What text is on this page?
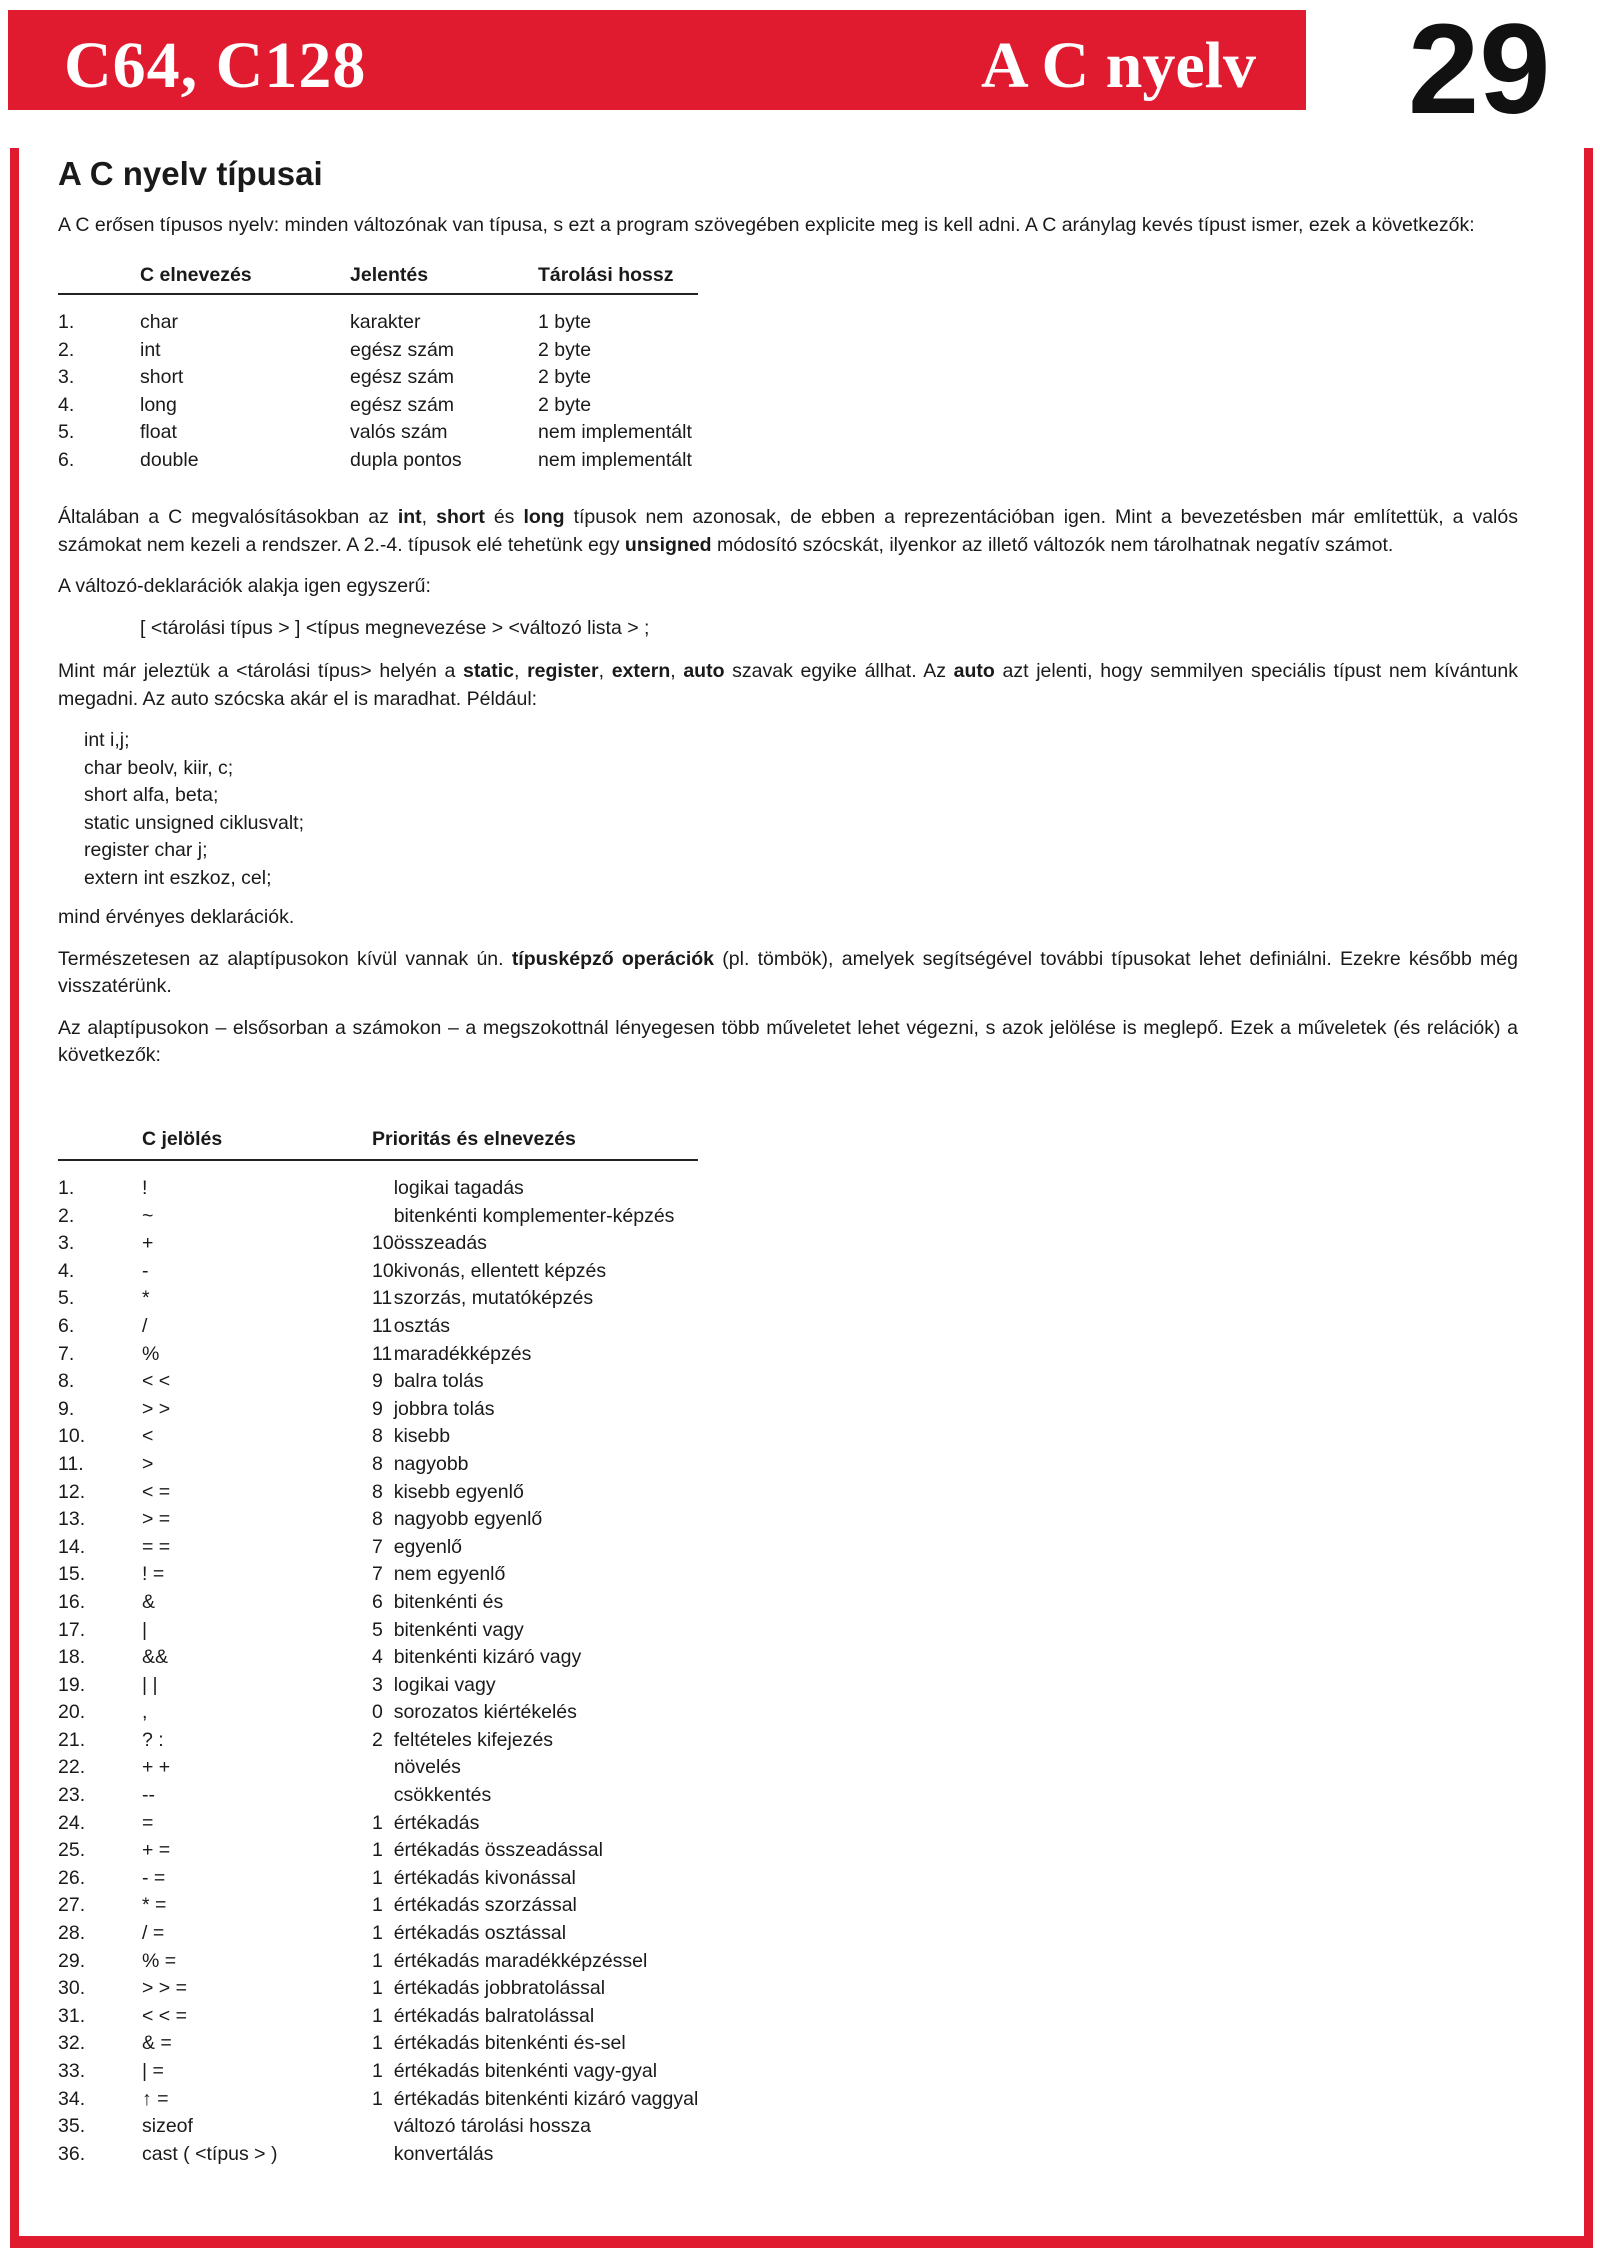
C64, C128	A C nyelv 29
A C nyelv típusai

A C erősen típusos nyelv: minden változónak van típusa, s ezt a program szövegében explicite meg is kell adni. A C aránylag kevés típust ismer, ezek a következők:

	C elnevezés	Jelentés	Tárolási hossz

1.	char	karakter	1 byte
2.	int	egész szám	2 byte
3.	short	egész szám	2 byte
4.	long	egész szám	2 byte
5.	float	valós szám	nem implementált
6.	double	dupla pontos	nem implementált

Általában a C megvalósításokban az int, short és long típusok nem azonosak, de ebben a reprezentációban igen. Mint a bevezetésben már említettük, a valós számokat nem kezeli a rendszer. A 2.-4. típusok elé tehetünk egy unsigned módosító szócskát, ilyenkor az illető változók nem tárolhatnak negatív számot.

A változó-deklarációk alakja igen egyszerű:

[ <tárolási típus > ] <típus megnevezése > <változó lista > ;

Mint már jeleztük a <tárolási típus> helyén a static, register, extern, auto szavak egyike állhat. Az auto azt jelenti, hogy semmilyen speciális típust nem kívántunk megadni. Az auto szócska akár el is maradhat. Például:

int i,j;
char beolv, kiir, c;
short alfa, beta;
static unsigned ciklusvalt;
register char j;
extern int eszkoz, cel;

mind érvényes deklarációk.

Természetesen az alaptípusokon kívül vannak ún. típusképző operációk (pl. tömbök), amelyek segítségével további típusokat lehet definiálni. Ezekre később még visszatérünk.

Az alaptípusokon – elsősorban a számokon – a megszokottnál lényegesen több műveletet lehet végezni, s azok jelölése is meglepő. Ezek a műveletek (és relációk) a következők:

	C jelölés	Prioritás és elnevezés	

1.	!		logikai tagadás
2.	~		bitenkénti komplementer-képzés
3.	+	10	összeadás
4.	-	10	kivonás, ellentett képzés
5.	*	11	szorzás, mutatóképzés
6.	/	11	osztás
7.	%	11	maradékképzés
8.	< <	9	balra tolás
9.	> >	9	jobbra tolás
10.	<	8	kisebb
11.	>	8	nagyobb
12.	< =	8	kisebb egyenlő
13.	> =	8	nagyobb egyenlő
14.	= =	7	egyenlő
15.	! =	7	nem egyenlő
16.	&	6	bitenkénti és
17.	|	5	bitenkénti vagy
18.	&&	4	bitenkénti kizáró vagy
19.	| |	3	logikai vagy
20.	,	0	sorozatos kiértékelés
21.	? :	2	feltételes kifejezés
22.	+ +		növelés
23.	--		csökkentés
24.	=	1	értékadás
25.	+ =	1	értékadás összeadással
26.	- =	1	értékadás kivonással
27.	* =	1	értékadás szorzással
28.	/ =	1	értékadás osztással
29.	% =	1	értékadás maradékképzéssel
30.	> > =	1	értékadás jobbratolással
31.	< < =	1	értékadás balratolással
32.	& =	1	értékadás bitenkénti és-sel
33.	| =	1	értékadás bitenkénti vagy-gyal
34.	↑ =	1	értékadás bitenkénti kizáró vaggyal
35.	sizeof		változó tárolási hossza
36.	cast ( <típus > )		konvertálás
